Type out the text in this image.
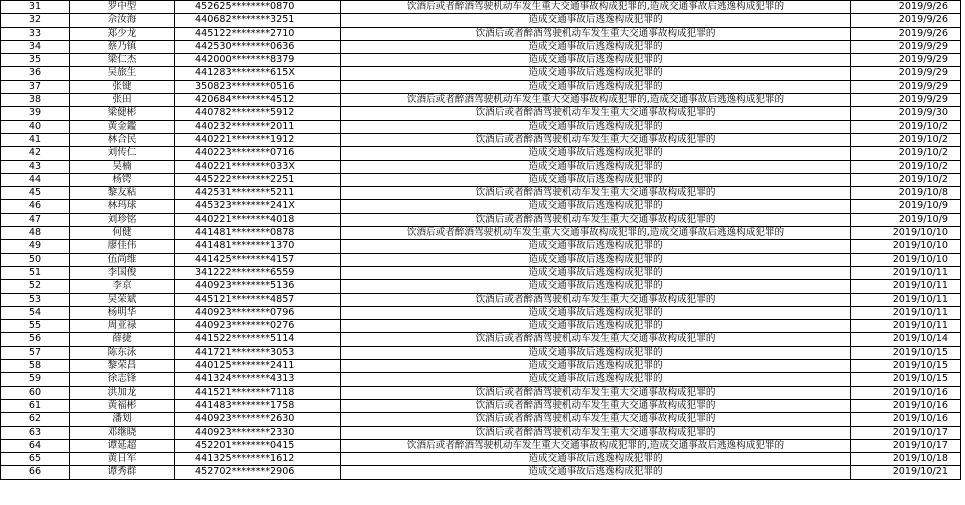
31	罗中型	452625********0870	饮酒后或者醉酒驾驶机动车发生重大交通事故构成犯罪的,造成交通事故后逃逸构成犯罪的	2019/9/26
32	佘汝海	440682********3251	造成交通事故后逃逸构成犯罪的	2019/9/26
33	郑少龙	445122********2710	饮酒后或者醉酒驾驶机动车发生重大交通事故构成犯罪的	2019/9/26
34	蔡乃镇	442530********0636	造成交通事故后逃逸构成犯罪的	2019/9/29
35	梁仁杰	442000********8379	造成交通事故后逃逸构成犯罪的	2019/9/29
36	吴旅生	441283********615X	造成交通事故后逃逸构成犯罪的	2019/9/29
37	张键	350823********0516	造成交通事故后逃逸构成犯罪的	2019/9/29
38	张田	420684********4512	饮酒后或者醉酒驾驶机动车发生重大交通事故构成犯罪的,造成交通事故后逃逸构成犯罪的	2019/9/29
39	梁健彬	440782********5912	饮酒后或者醉酒驾驶机动车发生重大交通事故构成犯罪的	2019/9/30
40	黄金鑑	440232********2011	造成交通事故后逃逸构成犯罪的	2019/10/2
41	林合民	440221********1912	饮酒后或者醉酒驾驶机动车发生重大交通事故构成犯罪的	2019/10/2
42	刘传仁	440223********0716	造成交通事故后逃逸构成犯罪的	2019/10/2
43	吴楠	440221********033X	造成交通事故后逃逸构成犯罪的	2019/10/2
44	杨锷	445222********2251	造成交通事故后逃逸构成犯罪的	2019/10/2
45	黎友粘	442531********5211	饮酒后或者醉酒驾驶机动车发生重大交通事故构成犯罪的	2019/10/8
46	林玛球	445323********241X	造成交通事故后逃逸构成犯罪的	2019/10/9
47	刘珍铭	440221********4018	饮酒后或者醉酒驾驶机动车发生重大交通事故构成犯罪的	2019/10/9
48	何健	441481********0878	饮酒后或者醉酒驾驶机动车发生重大交通事故构成犯罪的,造成交通事故后逃逸构成犯罪的	2019/10/10
49	廖佳伟	441481********1370	造成交通事故后逃逸构成犯罪的	2019/10/10
50	伍尚维	441425********4157	造成交通事故后逃逸构成犯罪的	2019/10/10
51	李国俊	341222********6559	造成交通事故后逃逸构成犯罪的	2019/10/11
52	李京	440923********5136	造成交通事故后逃逸构成犯罪的	2019/10/11
53	吴荣斌	445121********4857	饮酒后或者醉酒驾驶机动车发生重大交通事故构成犯罪的	2019/10/11
54	杨明华	440923********0796	造成交通事故后逃逸构成犯罪的	2019/10/11
55	周亚禄	440923********0276	造成交通事故后逃逸构成犯罪的	2019/10/11
56	薛捷	441522********5114	饮酒后或者醉酒驾驶机动车发生重大交通事故构成犯罪的	2019/10/14
57	陈东泳	441721********3053	造成交通事故后逃逸构成犯罪的	2019/10/15
58	黎荣昌	440125********2411	造成交通事故后逃逸构成犯罪的	2019/10/15
59	徐志锋	441324********4313	造成交通事故后逃逸构成犯罪的	2019/10/15
60	洪加龙	441521********7118	饮酒后或者醉酒驾驶机动车发生重大交通事故构成犯罪的	2019/10/16
61	黄福彬	441483********1758	饮酒后或者醉酒驾驶机动车发生重大交通事故构成犯罪的	2019/10/16
62	潘划	440923********2630	饮酒后或者醉酒驾驶机动车发生重大交通事故构成犯罪的	2019/10/16
63	邓继晓	440923********2330	饮酒后或者醉酒驾驶机动车发生重大交通事故构成犯罪的	2019/10/17
64	谭延超	452201********0415	饮酒后或者醉酒驾驶机动车发生重大交通事故构成犯罪的,造成交通事故后逃逸构成犯罪的	2019/10/17
65	黄日军	441325********1612	造成交通事故后逃逸构成犯罪的	2019/10/18
66	谭秀群	452702********2906	造成交通事故后逃逸构成犯罪的	2019/10/21
